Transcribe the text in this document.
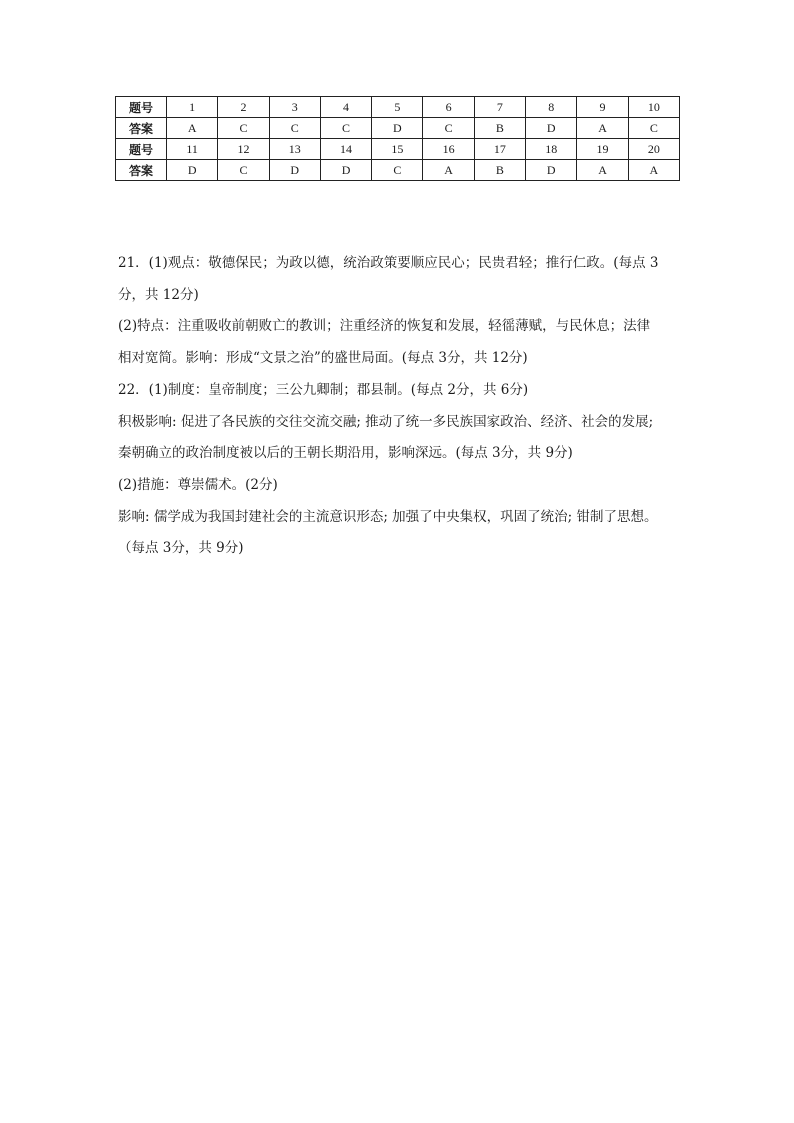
题号	1	2	3	4	5	6	7	8	9	10
答案	A	C	C	C	D	C	B	D	A	C
题号	11	12	13	14	15	16	17	18	19	20
答案	D	C	D	D	C	A	B	D	A	A

21．(1)观点：敬德保民；为政以德，统治政策要顺应民心；民贵君轻；推行仁政。(每点 3

分，共 12分)

(2)特点：注重吸收前朝败亡的教训；注重经济的恢复和发展，轻徭薄赋，与民休息；法律

相对宽简。影响：形成“文景之治”的盛世局面。(每点 3分，共 12分)

22．(1)制度：皇帝制度；三公九卿制；郡县制。(每点 2分，共 6分)

积极影响: 促进了各民族的交往交流交融; 推动了统一多民族国家政治、经济、社会的发展;

秦朝确立的政治制度被以后的王朝长期沿用，影响深远。(每点 3分，共 9分)

(2)措施：尊崇儒术。(2分)

影响: 儒学成为我国封建社会的主流意识形态; 加强了中央集权，巩固了统治; 钳制了思想。

（每点 3分，共 9分)
